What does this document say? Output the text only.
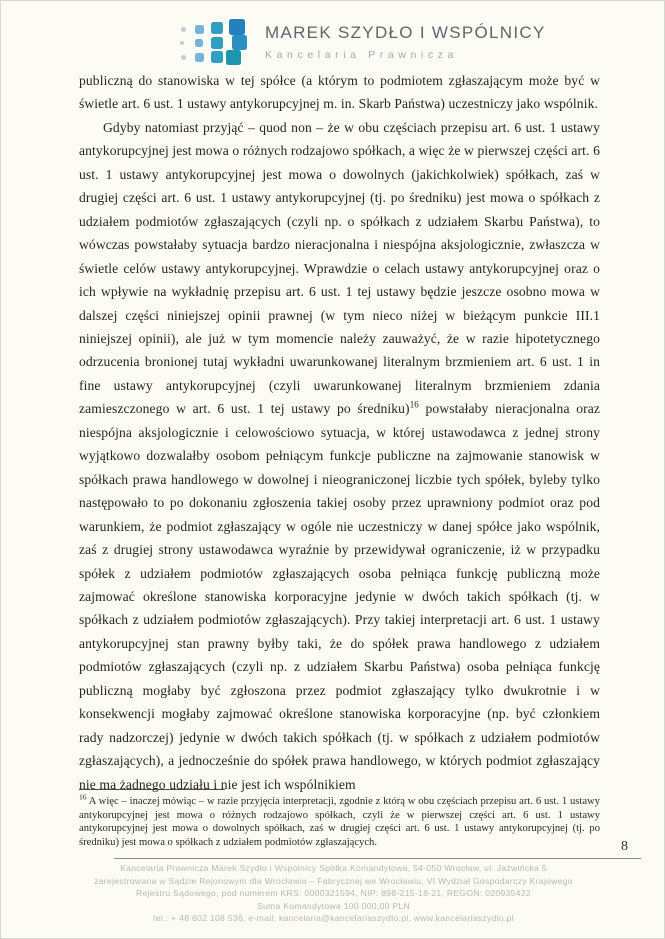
MAREK SZYDŁO I WSPÓLNICY
Kancelaria Prawnicza

publiczną do stanowiska w tej spółce (a którym to podmiotem zgłaszającym może być w świetle art. 6 ust. 1 ustawy antykorupcyjnej m. in. Skarb Państwa) uczestniczy jako wspólnik.

Gdyby natomiast przyjąć – quod non – że w obu częściach przepisu art. 6 ust. 1 ustawy antykorupcyjnej jest mowa o różnych rodzajowo spółkach, a więc że w pierwszej części art. 6 ust. 1 ustawy antykorupcyjnej jest mowa o dowolnych (jakichkolwiek) spółkach, zaś w drugiej części art. 6 ust. 1 ustawy antykorupcyjnej (tj. po średniku) jest mowa o spółkach z udziałem podmiotów zgłaszających (czyli np. o spółkach z udziałem Skarbu Państwa), to wówczas powstałaby sytuacja bardzo nieracjonalna i niespójna aksjologicznie, zwłaszcza w świetle celów ustawy antykorupcyjnej. Wprawdzie o celach ustawy antykorupcyjnej oraz o ich wpływie na wykładnię przepisu art. 6 ust. 1 tej ustawy będzie jeszcze osobno mowa w dalszej części niniejszej opinii prawnej (w tym nieco niżej w bieżącym punkcie III.1 niniejszej opinii), ale już w tym momencie należy zauważyć, że w razie hipotetycznego odrzucenia bronionej tutaj wykładni uwarunkowanej literalnym brzmieniem art. 6 ust. 1 in fine ustawy antykorupcyjnej (czyli uwarunkowanej literalnym brzmieniem zdania zamieszczonego w art. 6 ust. 1 tej ustawy po średniku)$^{16}$ powstałaby nieracjonalna oraz niespójna aksjologicznie i celowościowo sytuacja, w której ustawodawca z jednej strony wyjątkowo dozwalałby osobom pełniącym funkcje publiczne na zajmowanie stanowisk w spółkach prawa handlowego w dowolnej i nieograniczonej liczbie tych spółek, byleby tylko następowało to po dokonaniu zgłoszenia takiej osoby przez uprawniony podmiot oraz pod warunkiem, że podmiot zgłaszający w ogóle nie uczestniczy w danej spółce jako wspólnik, zaś z drugiej strony ustawodawca wyraźnie by przewidywał ograniczenie, iż w przypadku spółek z udziałem podmiotów zgłaszających osoba pełniąca funkcję publiczną może zajmować określone stanowiska korporacyjne jedynie w dwóch takich spółkach (tj. w spółkach z udziałem podmiotów zgłaszających). Przy takiej interpretacji art. 6 ust. 1 ustawy antykorupcyjnej stan prawny byłby taki, że do spółek prawa handlowego z udziałem podmiotów zgłaszających (czyli np. z udziałem Skarbu Państwa) osoba pełniąca funkcję publiczną mogłaby być zgłoszona przez podmiot zgłaszający tylko dwukrotnie i w konsekwencji mogłaby zajmować określone stanowiska korporacyjne (np. być członkiem rady nadzorczej) jedynie w dwóch takich spółkach (tj. w spółkach z udziałem podmiotów zgłaszających), a jednocześnie do spółek prawa handlowego, w których podmiot zgłaszający nie ma żadnego udziału i nie jest ich wspólnikiem

$^{16}$ A więc – inaczej mówiąc – w razie przyjęcia interpretacji, zgodnie z którą w obu częściach przepisu art. 6 ust. 1 ustawy antykorupcyjnej jest mowa o różnych rodzajowo spółkach, czyli że w pierwszej części art. 6 ust. 1 ustawy antykorupcyjnej jest mowa o dowolnych spółkach, zaś w drugiej części art. 6 ust. 1 ustawy antykorupcyjnej (tj. po średniku) jest mowa o spółkach z udziałem podmiotów zgłaszających.	8
Kancelaria Prawnicza Marek Szydło i Wspólnicy Spółka Komandytowa, 54-050 Wrocław, ul. Jaźwińcka 5
zarejestrowana w Sądzie Rejonowym dla Wrocławia – Fabrycznej we Wrocławiu, VI Wydział Gospodarczy Krajowego
Rejestru Sądowego, pod numerem KRS: 0000321594, NIP: 898-215-18-21, REGON: 020935422
Suma Komandytowa 100 000,00 PLN
tel.: + 48 602 108 536, e-mail: kancelaria@kancelariaszydlo.pl, www.kancelariaszydlo.pl
